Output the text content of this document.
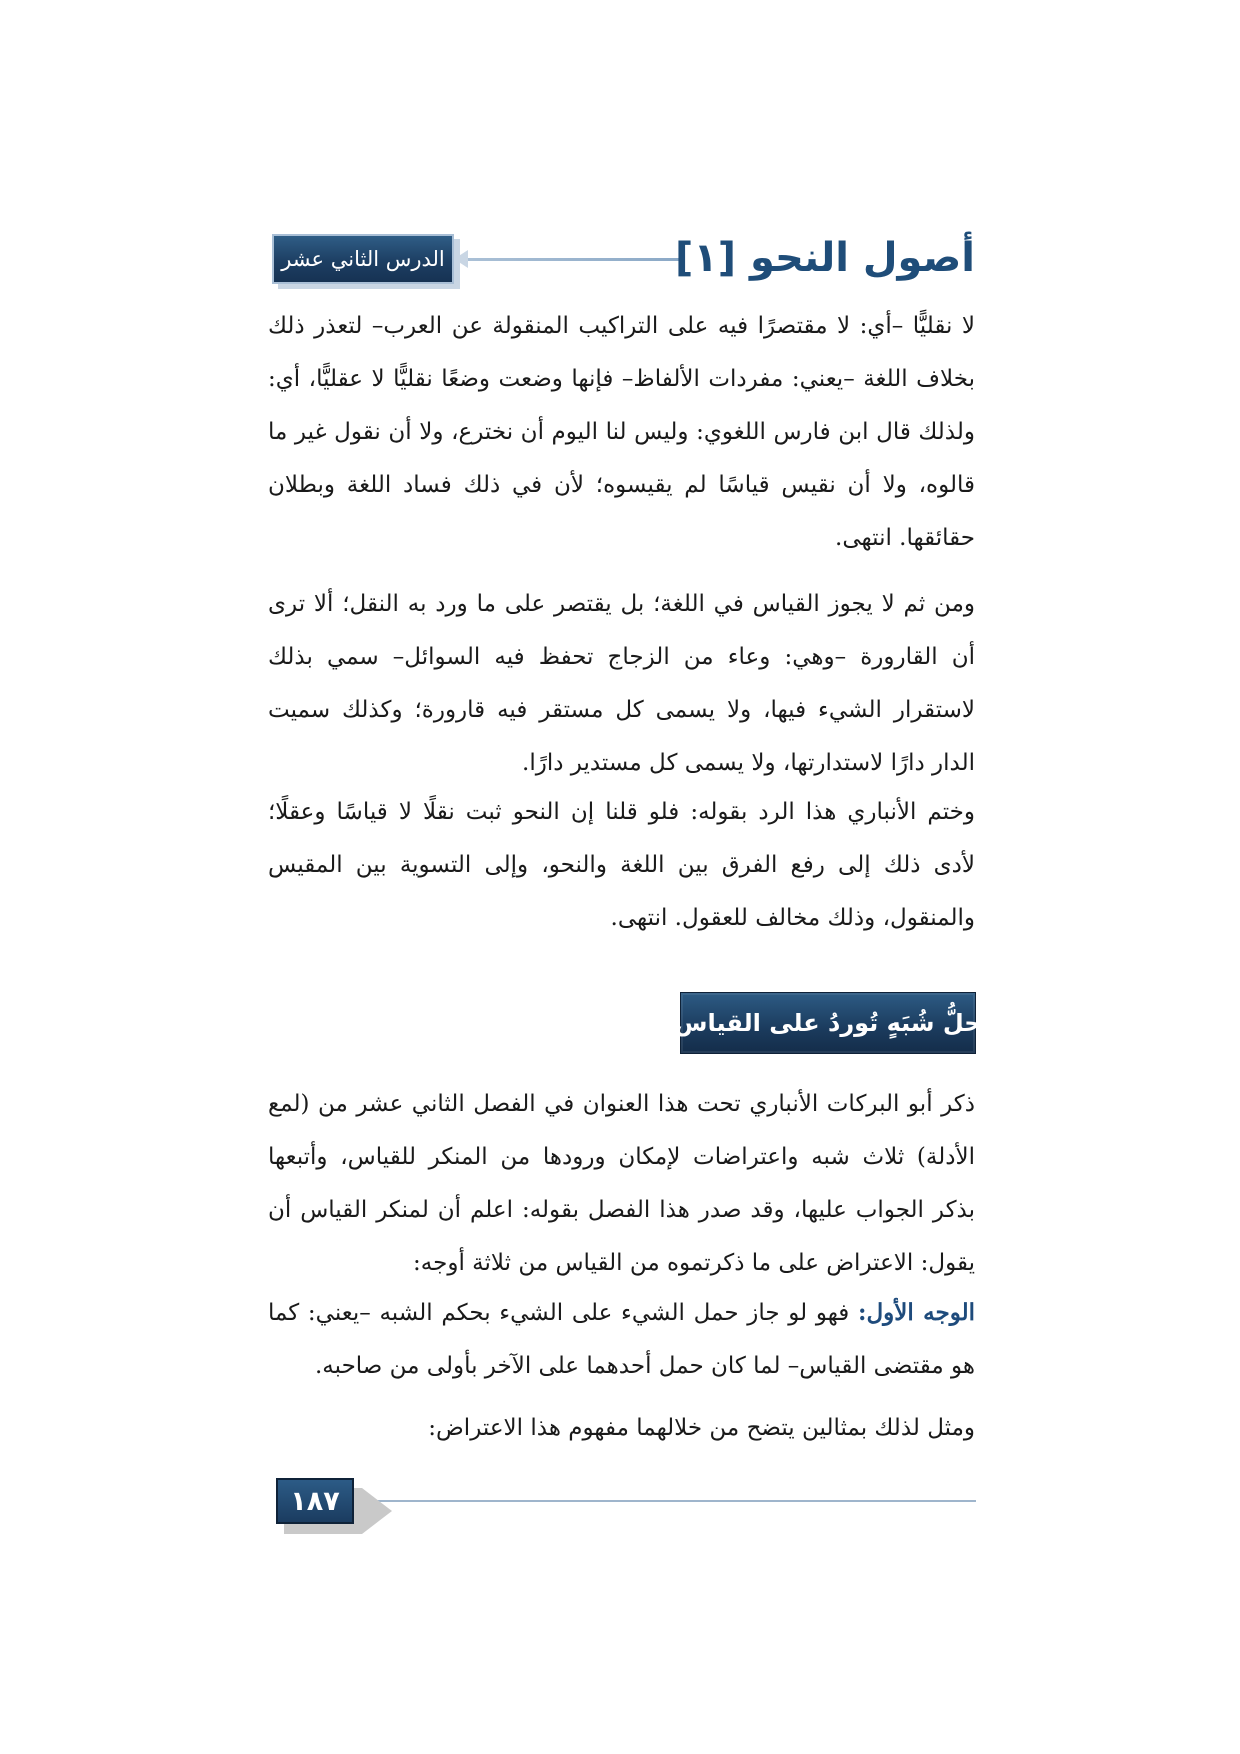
الدرس الثاني عشر	أصول النحو [١]
لا نقليًّا –أي: لا مقتصرًا فيه على التراكيب المنقولة عن العرب– لتعذر ذلك بخلاف اللغة –يعني: مفردات الألفاظ– فإنها وضعت وضعًا نقليًّا لا عقليًّا، أي: ولذلك قال ابن فارس اللغوي: وليس لنا اليوم أن نخترع، ولا أن نقول غير ما قالوه، ولا أن نقيس قياسًا لم يقيسوه؛ لأن في ذلك فساد اللغة وبطلان حقائقها. انتهى.
ومن ثم لا يجوز القياس في اللغة؛ بل يقتصر على ما ورد به النقل؛ ألا ترى أن القارورة –وهي: وعاء من الزجاج تحفظ فيه السوائل– سمي بذلك لاستقرار الشيء فيها، ولا يسمى كل مستقر فيه قارورة؛ وكذلك سميت الدار دارًا لاستدارتها، ولا يسمى كل مستدير دارًا.
وختم الأنباري هذا الرد بقوله: فلو قلنا إن النحو ثبت نقلًا لا قياسًا وعقلًا؛ لأدى ذلك إلى رفع الفرق بين اللغة والنحو، وإلى التسوية بين المقيس والمنقول، وذلك مخالف للعقول. انتهى.
حلُّ شُبَهٍ تُوردُ على القياس
ذكر أبو البركات الأنباري تحت هذا العنوان في الفصل الثاني عشر من (لمع الأدلة) ثلاث شبه واعتراضات لإمكان ورودها من المنكر للقياس، وأتبعها بذكر الجواب عليها، وقد صدر هذا الفصل بقوله: اعلم أن لمنكر القياس أن يقول: الاعتراض على ما ذكرتموه من القياس من ثلاثة أوجه:
الوجه الأول: فهو لو جاز حمل الشيء على الشيء بحكم الشبه –يعني: كما هو مقتضى القياس– لما كان حمل أحدهما على الآخر بأولى من صاحبه.
ومثل لذلك بمثالين يتضح من خلالهما مفهوم هذا الاعتراض:
١٨٧
